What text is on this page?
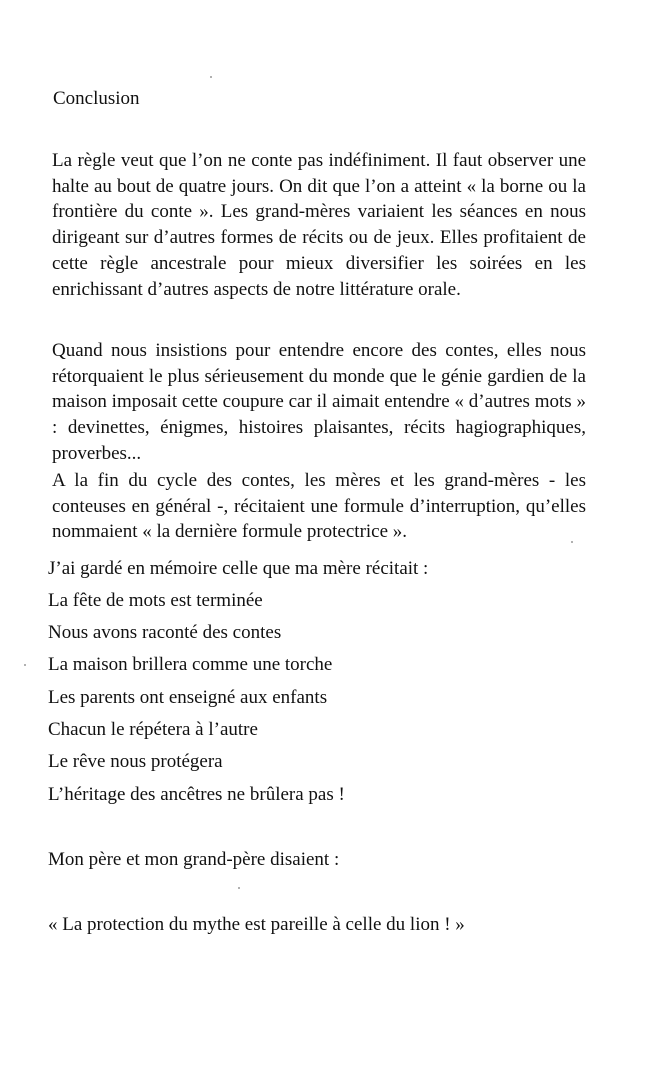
Conclusion

La règle veut que l’on ne conte pas indéfiniment. Il faut observer une halte au bout de quatre jours. On dit que l’on a atteint « la borne ou la frontière du conte ». Les grand-mères variaient les séances en nous dirigeant sur d’autres formes de récits ou de jeux. Elles profitaient de cette règle ancestrale pour mieux diversifier les soirées en les enrichissant d’autres aspects de notre littérature orale.

Quand nous insistions pour entendre encore des contes, elles nous rétorquaient le plus sérieusement du monde que le génie gardien de la maison imposait cette coupure car il aimait entendre « d’autres mots » : devinettes, énigmes, histoires plaisantes, récits hagiographiques, proverbes...

A la fin du cycle des contes, les mères et les grand-mères - les conteuses en général -, récitaient une formule d’interruption, qu’elles nommaient « la dernière formule protectrice ».

J’ai gardé en mémoire celle que ma mère récitait :
La fête de mots est terminée
Nous avons raconté des contes
La maison brillera comme une torche
Les parents ont enseigné aux enfants
Chacun le répétera à l’autre
Le rêve nous protégera
L’héritage des ancêtres ne brûlera pas !
Mon père et mon grand-père disaient :
« La protection du mythe est pareille à celle du lion ! »
